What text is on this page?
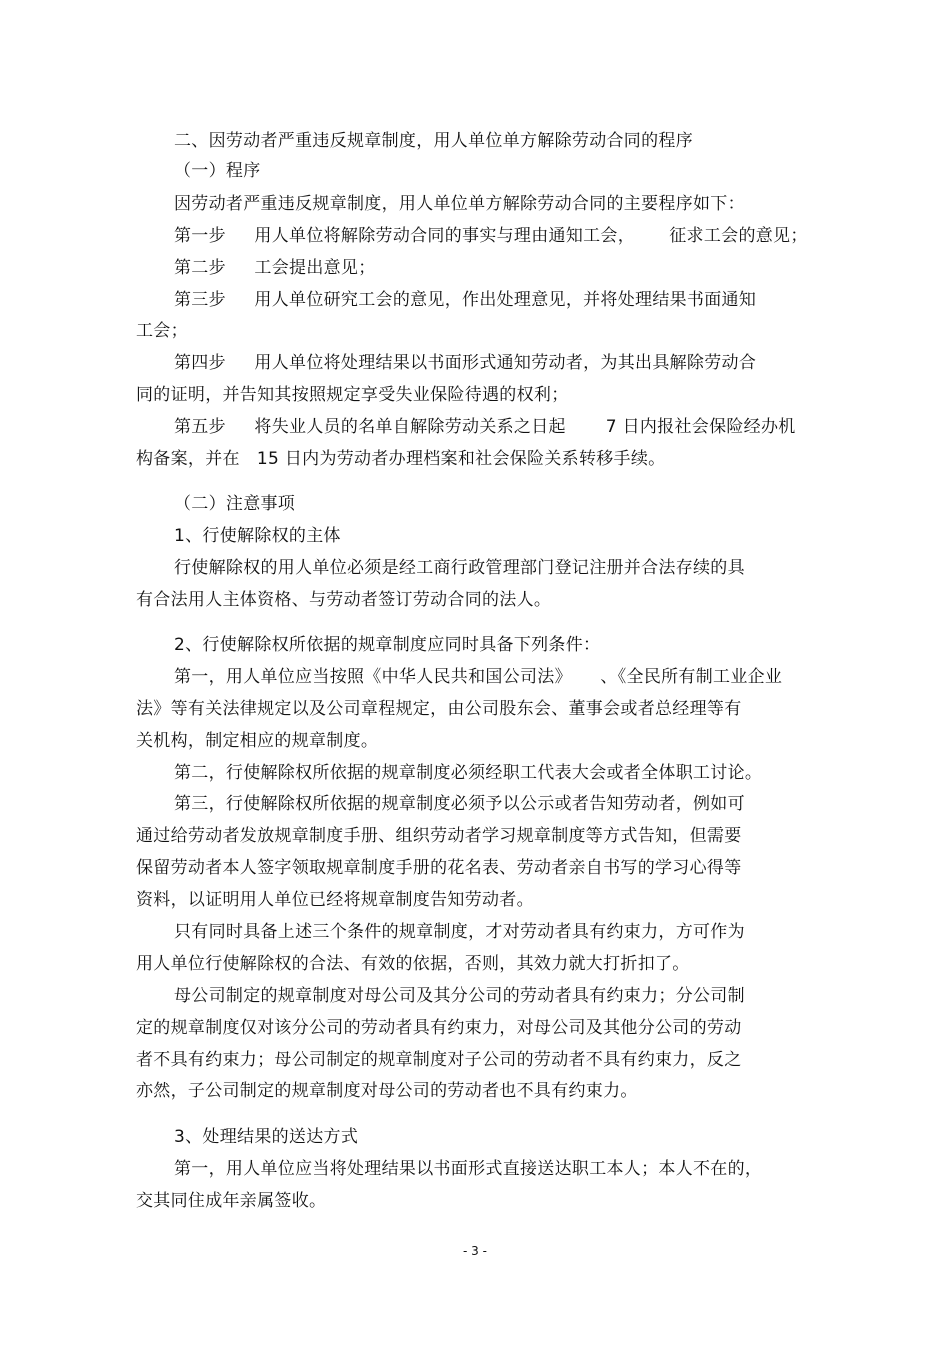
二、因劳动者严重违反规章制度，用人单位单方解除劳动合同的程序
（一）程序
因劳动者严重违反规章制度，用人单位单方解除劳动合同的主要程序如下：
第一步     用人单位将解除劳动合同的事实与理由通知工会，      征求工会的意见；
第二步     工会提出意见；
第三步     用人单位研究工会的意见，作出处理意见，并将处理结果书面通知
工会；
第四步     用人单位将处理结果以书面形式通知劳动者，为其出具解除劳动合
同的证明，并告知其按照规定享受失业保险待遇的权利；
第五步     将失业人员的名单自解除劳动关系之日起       7 日内报社会保险经办机
构备案，并在   15 日内为劳动者办理档案和社会保险关系转移手续。
（二）注意事项
1、行使解除权的主体
行使解除权的用人单位必须是经工商行政管理部门登记注册并合法存续的具
有合法用人主体资格、与劳动者签订劳动合同的法人。
2、行使解除权所依据的规章制度应同时具备下列条件：
第一，用人单位应当按照《中华人民共和国公司法》     、《全民所有制工业企业
法》等有关法律规定以及公司章程规定，由公司股东会、董事会或者总经理等有
关机构，制定相应的规章制度。
第二，行使解除权所依据的规章制度必须经职工代表大会或者全体职工讨论。
第三，行使解除权所依据的规章制度必须予以公示或者告知劳动者，例如可
通过给劳动者发放规章制度手册、组织劳动者学习规章制度等方式告知，但需要
保留劳动者本人签字领取规章制度手册的花名表、劳动者亲自书写的学习心得等
资料，以证明用人单位已经将规章制度告知劳动者。
只有同时具备上述三个条件的规章制度，才对劳动者具有约束力，方可作为
用人单位行使解除权的合法、有效的依据，否则，其效力就大打折扣了。
母公司制定的规章制度对母公司及其分公司的劳动者具有约束力；分公司制
定的规章制度仅对该分公司的劳动者具有约束力，对母公司及其他分公司的劳动
者不具有约束力；母公司制定的规章制度对子公司的劳动者不具有约束力，反之
亦然，子公司制定的规章制度对母公司的劳动者也不具有约束力。
3、处理结果的送达方式
第一，用人单位应当将处理结果以书面形式直接送达职工本人；本人不在的，
交其同住成年亲属签收。
- 3 -
